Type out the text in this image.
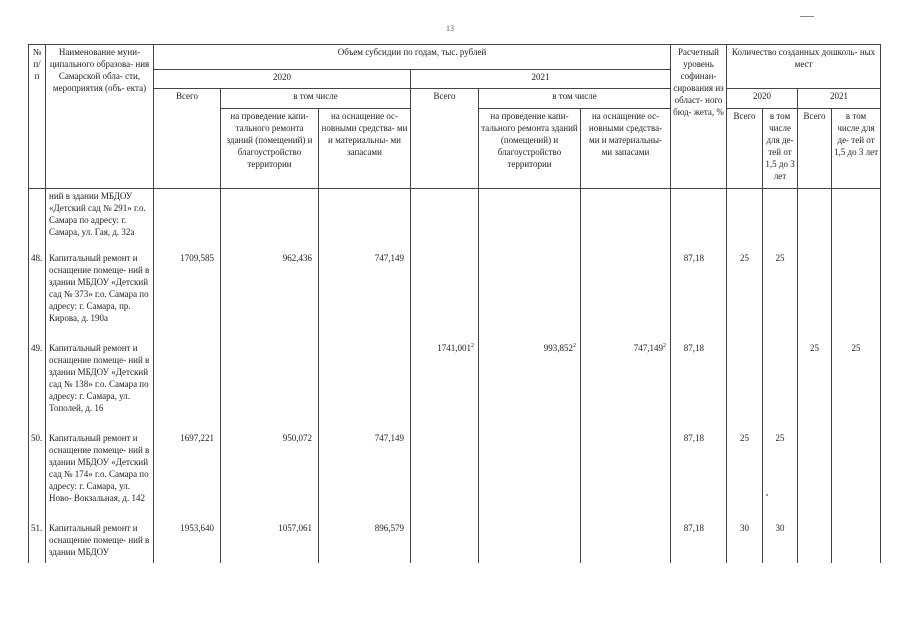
13
№ п/п	Наименование муни- ципального образова- ния Самарской обла- сти, мероприятия (объ- екта)	Объем субсидии по годам, тыс. рублей						Расчетный уровень софинан- сирования из област- ного бюд- жета, %	Количество созданных дошколь- ных мест			
		2020			2021							
		Всего	в том числе		Всего	в том числе			2020		2021	
			на проведение капи- тального ремонта зданий (помещений) и благоустройство территории	на оснащение ос- новными средства- ми и материальны- ми запасами		на проведение капи- тального ремонта зданий (помещений) и благоустройство территории	на оснащение ос- новными средства- ми и материальны- ми запасами		Всего	в том числе для де- тей от 1,5 до 3 лет	Всего	в том числе для де- тей от 1,5 до 3 лет
	ний в здании МБДОУ «Детский сад № 291» г.о. Самара по адресу: г. Самара, ул. Гая, д. 32а											
48.	Капитальный ремонт и оснащение помеще- ний в здании МБДОУ «Детский сад № 373» г.о. Самара по адресу: г. Самара, пр. Кирова, д. 190а	1709,585	962,436	747,149				87,18	25	25		
49.	Капитальный ремонт и оснащение помеще- ний в здании МБДОУ «Детский сад № 138» г.о. Самара по адресу: г. Самара, ул. Тополей, д. 16				1741,001$^2$	993,852$^2$	747,149$^2$	87,18			25	25
50.	Капитальный ремонт и оснащение помеще- ний в здании МБДОУ «Детский сад № 174» г.о. Самара по адресу: г. Самара, ул. Ново- Вокзальная, д. 142	1697,221	950,072	747,149				87,18	25	25		
51.	Капитальный ремонт и оснащение помеще- ний в здании МБДОУ	1953,640	1057,061	896,579				87,18	30	30		
